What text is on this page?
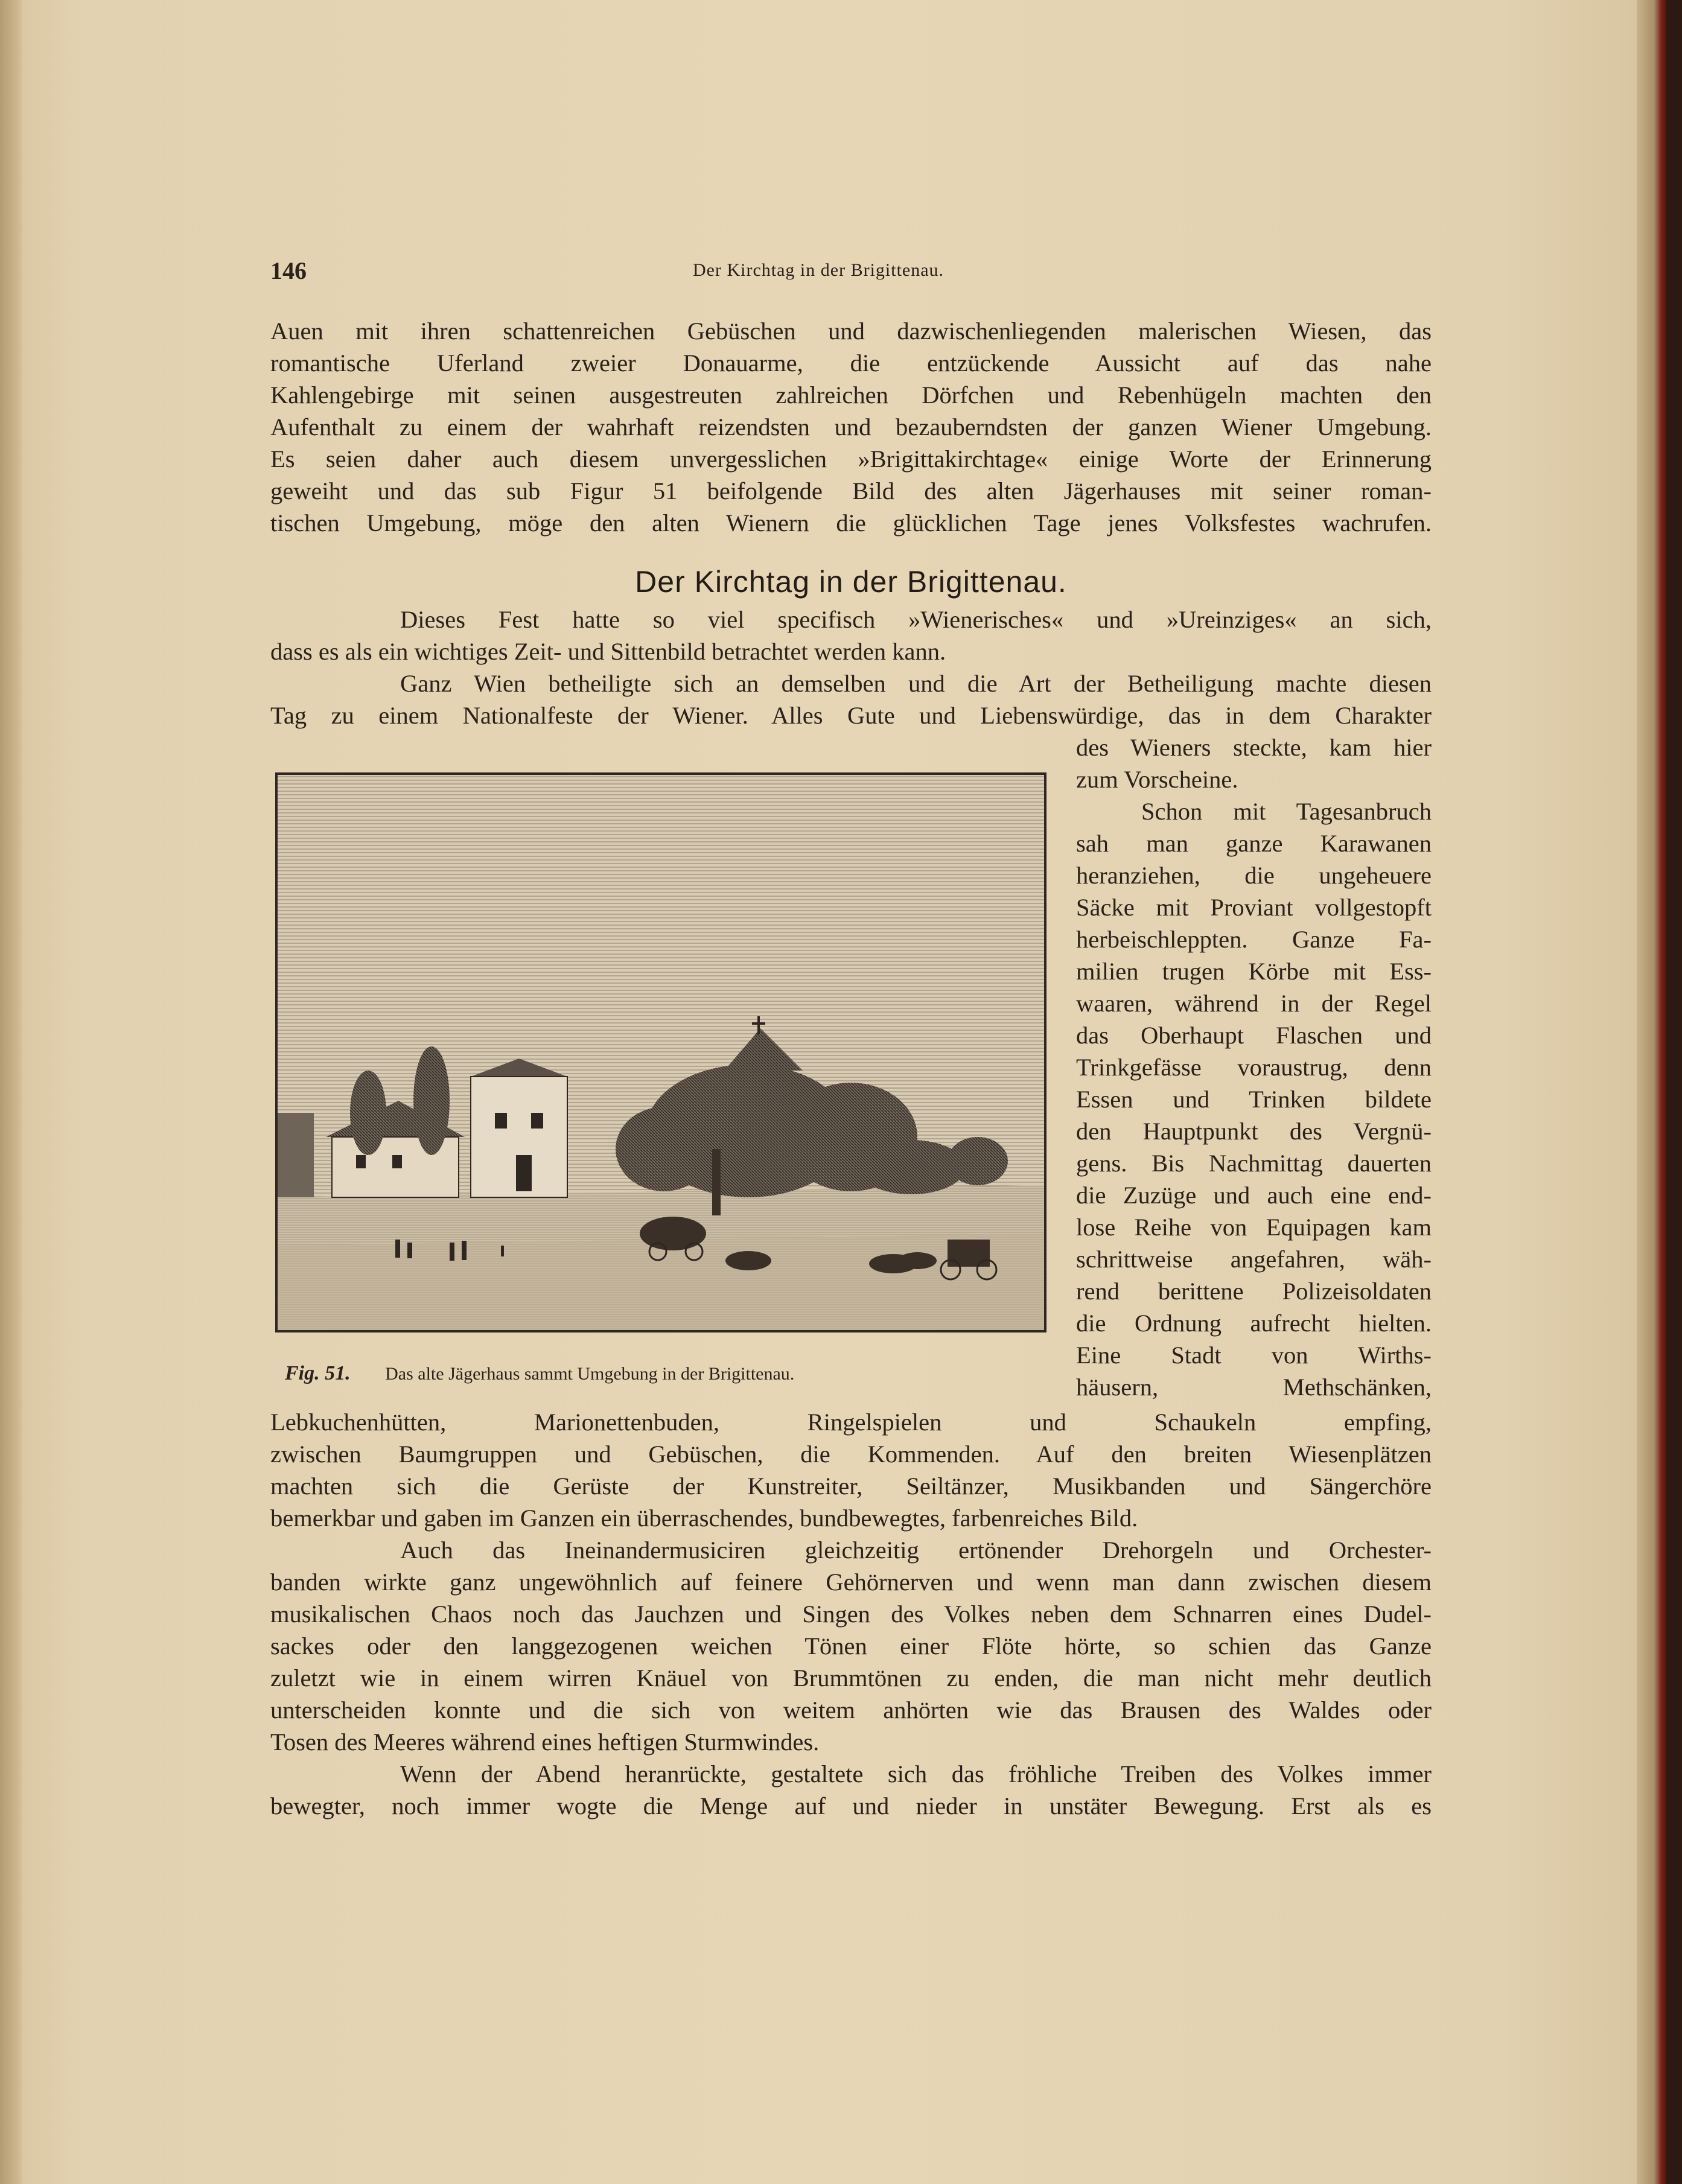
146	Der Kirchtag in der Brigittenau.

Auen mit ihren schattenreichen Gebüschen und dazwischenliegenden malerischen Wiesen, das
romantische Uferland zweier Donauarme, die entzückende Aussicht auf das nahe
Kahlengebirge mit seinen ausgestreuten zahlreichen Dörfchen und Rebenhügeln machten den
Aufenthalt zu einem der wahrhaft reizendsten und bezauberndsten der ganzen Wiener Umgebung.
Es seien daher auch diesem unvergesslichen »Brigittakirchtage« einige Worte der Erinnerung
geweiht und das sub Figur 51 beifolgende Bild des alten Jägerhauses mit seiner roman-
tischen Umgebung, möge den alten Wienern die glücklichen Tage jenes Volksfestes wachrufen.

Der Kirchtag in der Brigittenau.

Dieses Fest hatte so viel specifisch »Wienerisches« und »Ureinziges« an sich,
dass es als ein wichtiges Zeit- und Sittenbild betrachtet werden kann.

Ganz Wien betheiligte sich an demselben und die Art der Betheiligung machte diesen
Tag zu einem Nationalfeste der Wiener. Alles Gute und Liebenswürdige, das in dem Charakter

des Wieners steckte, kam hier
zum Vorscheine.
Schon mit Tagesanbruch
sah man ganze Karawanen
heranziehen, die ungeheuere
Säcke mit Proviant vollgestopft
herbeischleppten. Ganze Fa-
milien trugen Körbe mit Ess-
waaren, während in der Regel
das Oberhaupt Flaschen und
Trinkgefässe voraustrug, denn
Essen und Trinken bildete
den Hauptpunkt des Vergnü-
gens. Bis Nachmittag dauerten
die Zuzüge und auch eine end-
lose Reihe von Equipagen kam
schrittweise angefahren, wäh-
rend berittene Polizeisoldaten
die Ordnung aufrecht hielten.
Eine Stadt von Wirths-
häusern, Methschänken,
Fig. 51. Das alte Jägerhaus sammt Umgebung in der Brigittenau.

Lebkuchenhütten, Marionettenbuden, Ringelspielen und Schaukeln empfing,
zwischen Baumgruppen und Gebüschen, die Kommenden. Auf den breiten Wiesenplätzen
machten sich die Gerüste der Kunstreiter, Seiltänzer, Musikbanden und Sängerchöre
bemerkbar und gaben im Ganzen ein überraschendes, bundbewegtes, farbenreiches Bild.

Auch das Ineinandermusiciren gleichzeitig ertönender Drehorgeln und Orchester-
banden wirkte ganz ungewöhnlich auf feinere Gehörnerven und wenn man dann zwischen diesem
musikalischen Chaos noch das Jauchzen und Singen des Volkes neben dem Schnarren eines Dudel-
sackes oder den langgezogenen weichen Tönen einer Flöte hörte, so schien das Ganze
zuletzt wie in einem wirren Knäuel von Brummtönen zu enden, die man nicht mehr deutlich
unterscheiden konnte und die sich von weitem anhörten wie das Brausen des Waldes oder
Tosen des Meeres während eines heftigen Sturmwindes.

Wenn der Abend heranrückte, gestaltete sich das fröhliche Treiben des Volkes immer
bewegter, noch immer wogte die Menge auf und nieder in unstäter Bewegung. Erst als es
